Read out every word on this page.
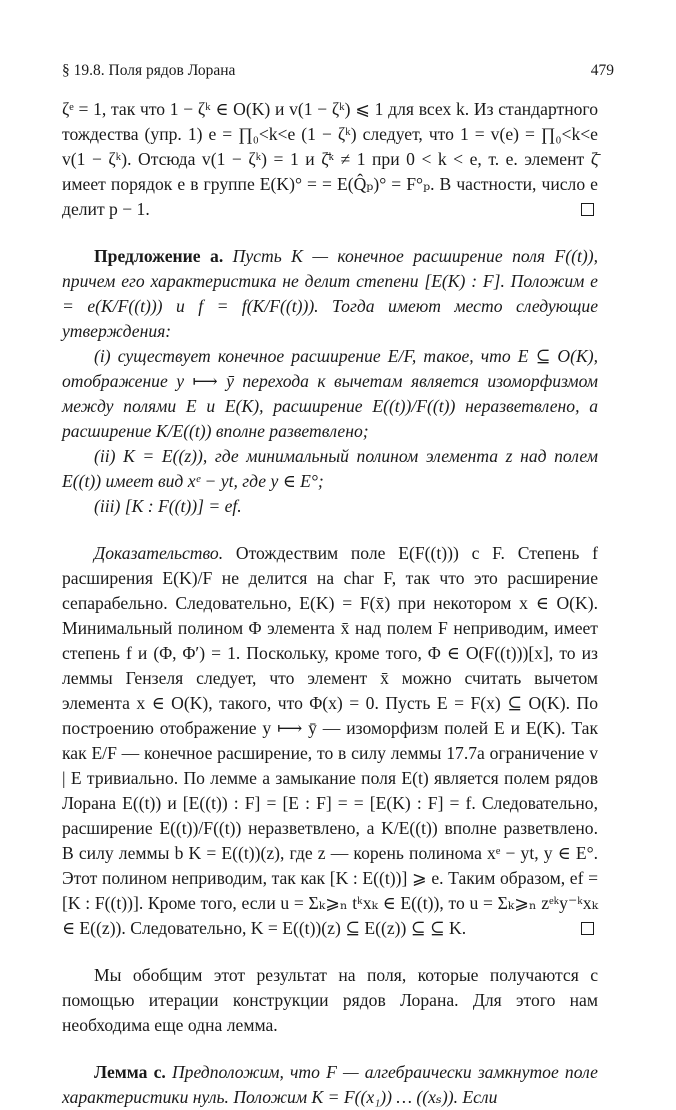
§ 19.8. Поля рядов Лорана	479

ζᵉ = 1, так что 1 − ζᵏ ∈ O(K) и v(1 − ζᵏ) ⩽ 1 для всех k. Из стандартного тождества (упр. 1) e = ∏₀<k<e (1 − ζᵏ) следует, что 1 = v(e) = ∏₀<k<e v(1 − ζᵏ). Отсюда v(1 − ζᵏ) = 1 и ζ̄ᵏ ≠ 1 при 0 < k < e, т. е. элемент ζ̄ имеет порядок e в группе E(K)° = = E(Q̂ₚ)° = F°ₚ. В частности, число e делит p − 1.

Предложение а. Пусть K — конечное расширение поля F((t)), причем его характеристика не делит степени [E(K) : F]. Положим e = e(K/F((t))) и f = f(K/F((t))). Тогда имеют место следующие утверждения:

(i) существует конечное расширение E/F, такое, что E ⊆ O(K), отображение y ⟼ ȳ перехода к вычетам является изоморфизмом между полями E и E(K), расширение E((t))/F((t)) неразветвлено, а расширение K/E((t)) вполне разветвлено;

(ii) K = E((z)), где минимальный полином элемента z над полем E((t)) имеет вид xᵉ − yt, где y ∈ E°;

(iii) [K : F((t))] = ef.

Доказательство. Отождествим поле E(F((t))) с F. Степень f расширения E(K)/F не делится на char F, так что это расширение сепарабельно. Следовательно, E(K) = F(x̄) при некотором x ∈ O(K). Минимальный полином Φ элемента x̄ над полем F неприводим, имеет степень f и (Φ, Φ′) = 1. Поскольку, кроме того, Φ ∈ O(F((t)))[x], то из леммы Гензеля следует, что элемент x̄ можно считать вычетом элемента x ∈ O(K), такого, что Φ(x) = 0. Пусть E = F(x) ⊆ O(K). По построению отображение y ⟼ ȳ — изоморфизм полей E и E(K). Так как E/F — конечное расширение, то в силу леммы 17.7а ограничение v | E тривиально. По лемме а замыкание поля E(t) является полем рядов Лорана E((t)) и [E((t)) : F] = [E : F] = = [E(K) : F] = f. Следовательно, расширение E((t))/F((t)) неразветвлено, а K/E((t)) вполне разветвлено. В силу леммы b K = E((t))(z), где z — корень полинома xᵉ − yt, y ∈ E°. Этот полином неприводим, так как [K : E((t))] ⩾ e. Таким образом, ef = [K : F((t))]. Кроме того, если u = Σₖ⩾ₙ tᵏxₖ ∈ E((t)), то u = Σₖ⩾ₙ zᵉᵏy⁻ᵏxₖ ∈ E((z)). Следовательно, K = E((t))(z) ⊆ E((z)) ⊆ ⊆ K.

Мы обобщим этот результат на поля, которые получаются с помощью итерации конструкции рядов Лорана. Для этого нам необходима еще одна лемма.

Лемма с. Предположим, что F — алгебраически замкнутое поле характеристики нуль. Положим K = F((x₁)) … ((xₛ)). Если
